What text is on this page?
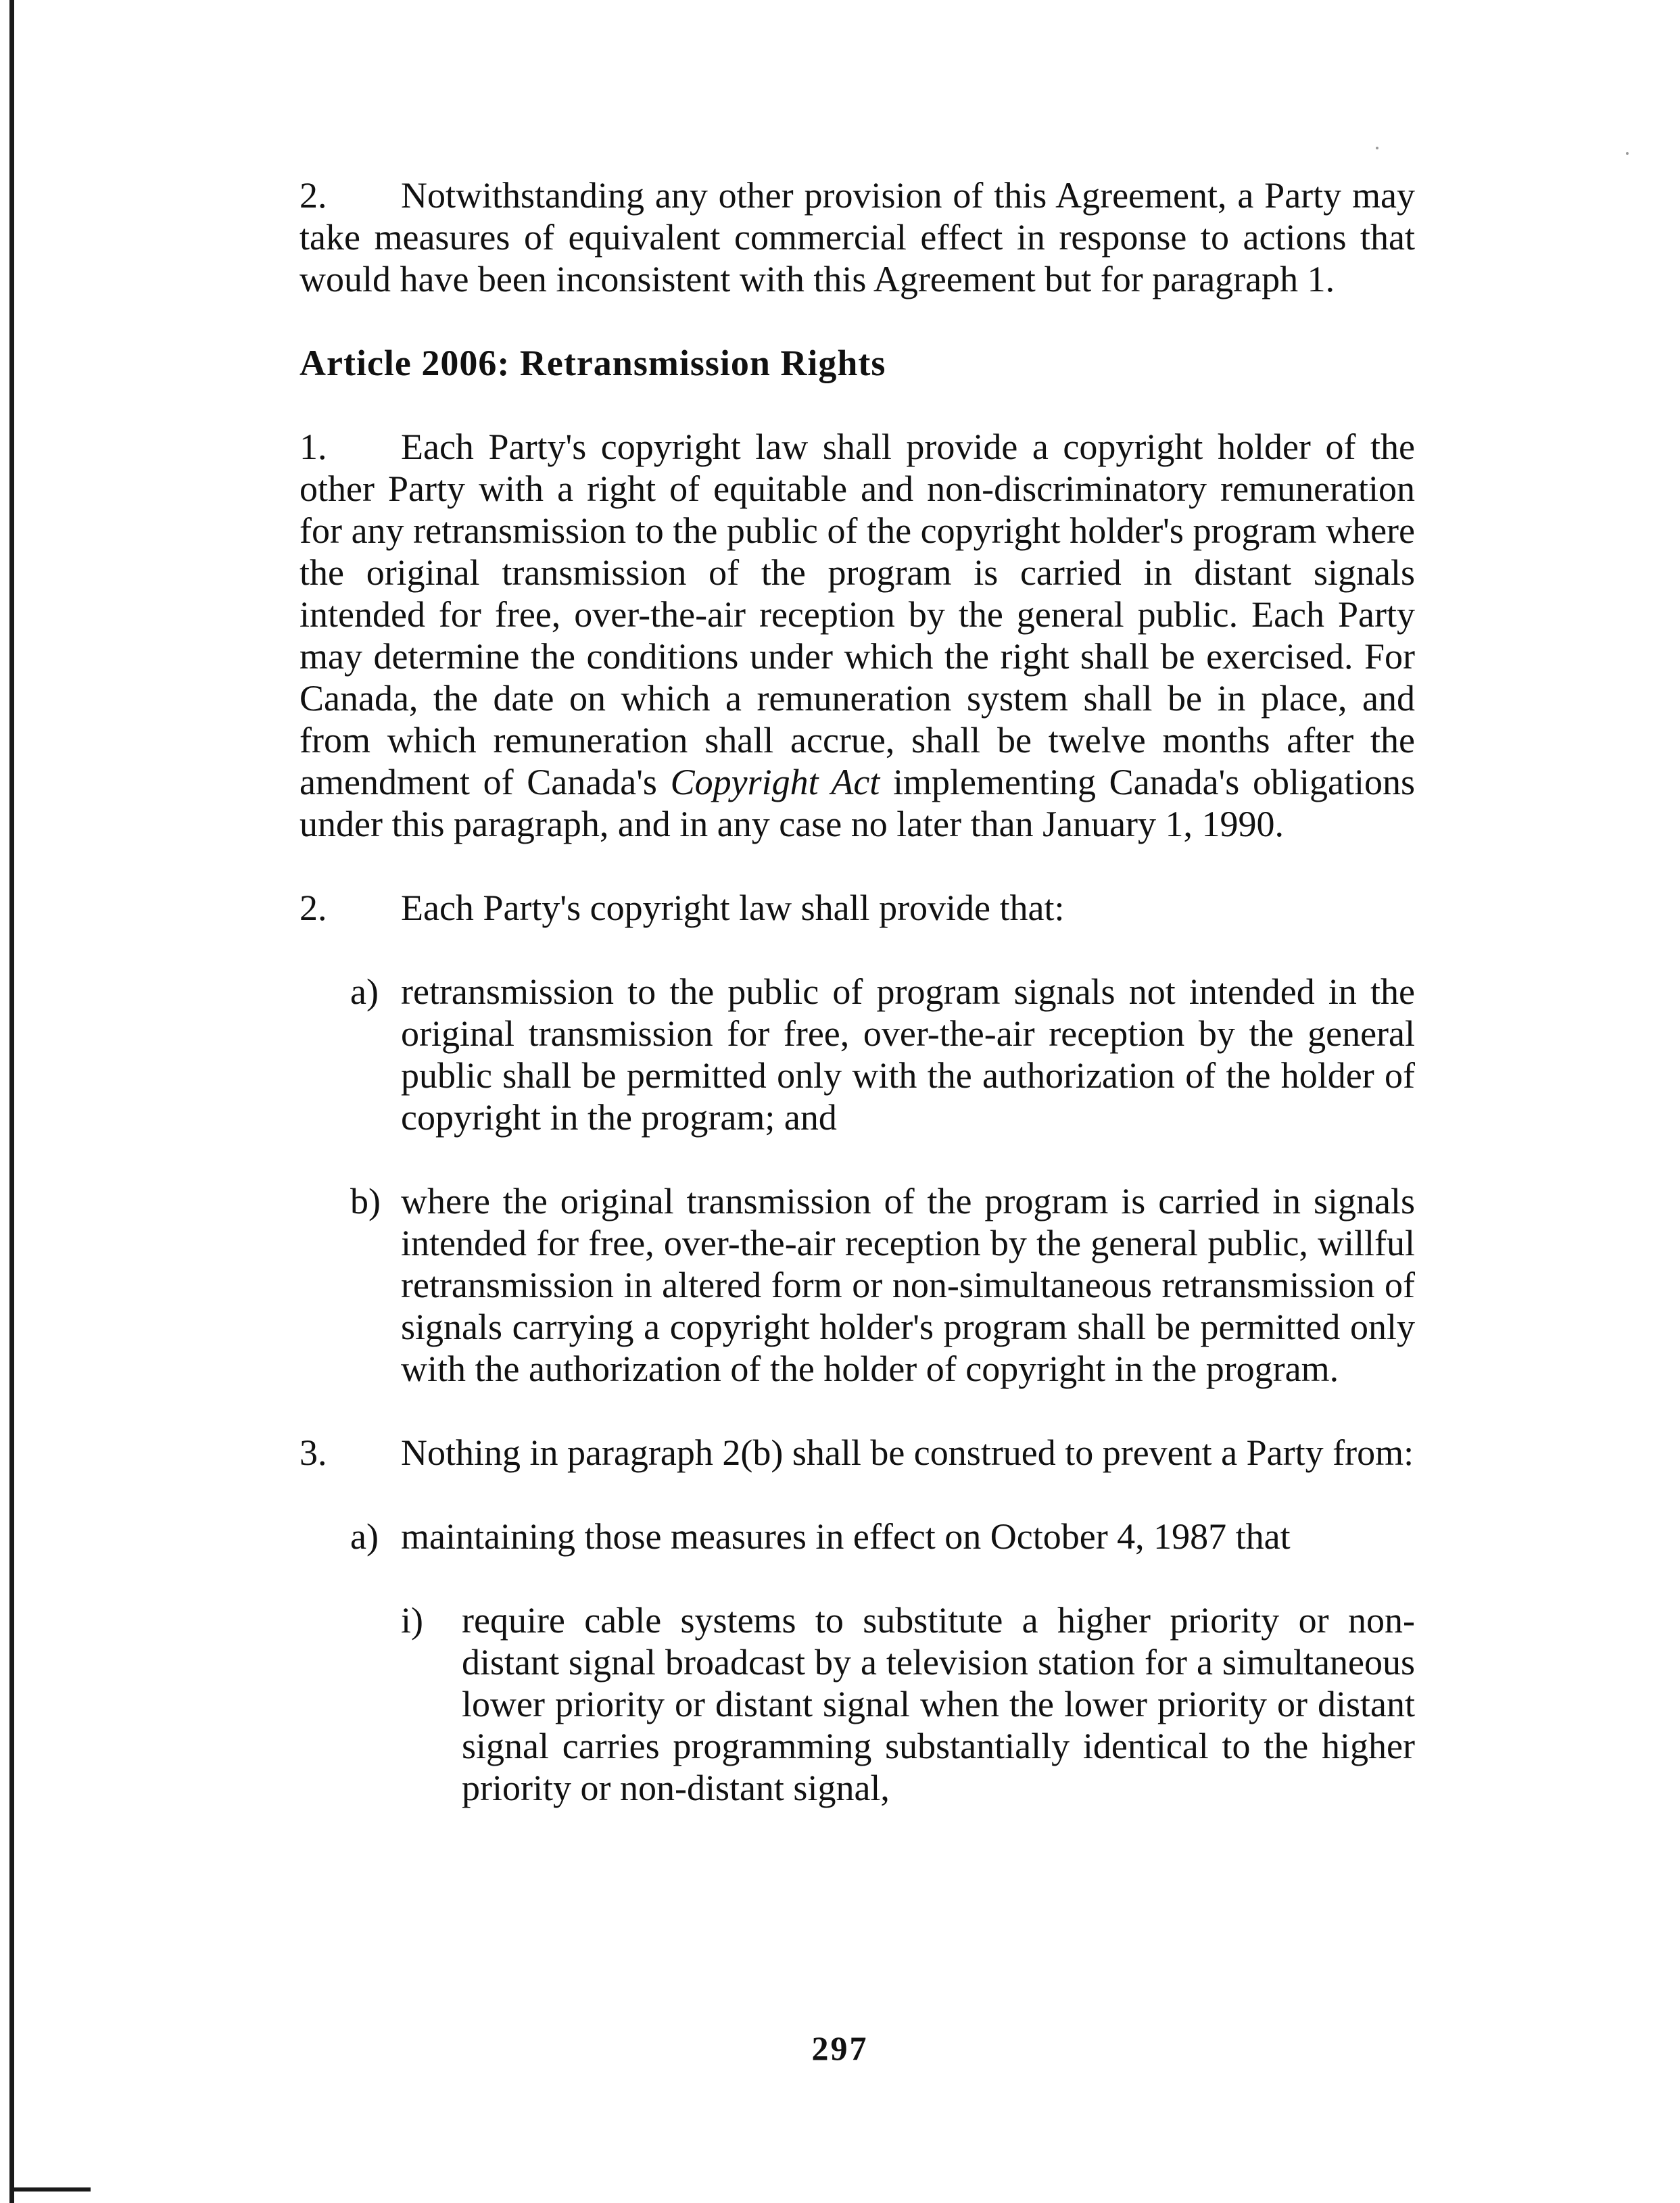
2. Notwithstanding any other provision of this Agreement, a Party may take measures of equivalent commercial effect in response to actions that would have been inconsistent with this Agreement but for paragraph 1.

Article 2006: Retransmission Rights

1. Each Party's copyright law shall provide a copyright holder of the other Party with a right of equitable and non-discriminatory remuneration for any retransmission to the public of the copyright holder's program where the original transmission of the program is carried in distant signals intended for free, over-the-air reception by the general public. Each Party may determine the conditions under which the right shall be exercised. For Canada, the date on which a remuneration system shall be in place, and from which remuneration shall accrue, shall be twelve months after the amendment of Canada's Copyright Act implementing Canada's obligations under this paragraph, and in any case no later than January 1, 1990.

2. Each Party's copyright law shall provide that:

a) retransmission to the public of program signals not intended in the original transmission for free, over-the-air reception by the general public shall be permitted only with the authorization of the holder of copyright in the program; and
b) where the original transmission of the program is carried in signals intended for free, over-the-air reception by the general public, willful retransmission in altered form or non-simultaneous retransmission of signals carrying a copyright holder's program shall be permitted only with the authorization of the holder of copyright in the program.

3. Nothing in paragraph 2(b) shall be construed to prevent a Party from:

a) maintaining those measures in effect on October 4, 1987 that
i) require cable systems to substitute a higher priority or non-distant signal broadcast by a television station for a simultaneous lower priority or distant signal when the lower priority or distant signal carries programming substantially identical to the higher priority or non-distant signal,
297
